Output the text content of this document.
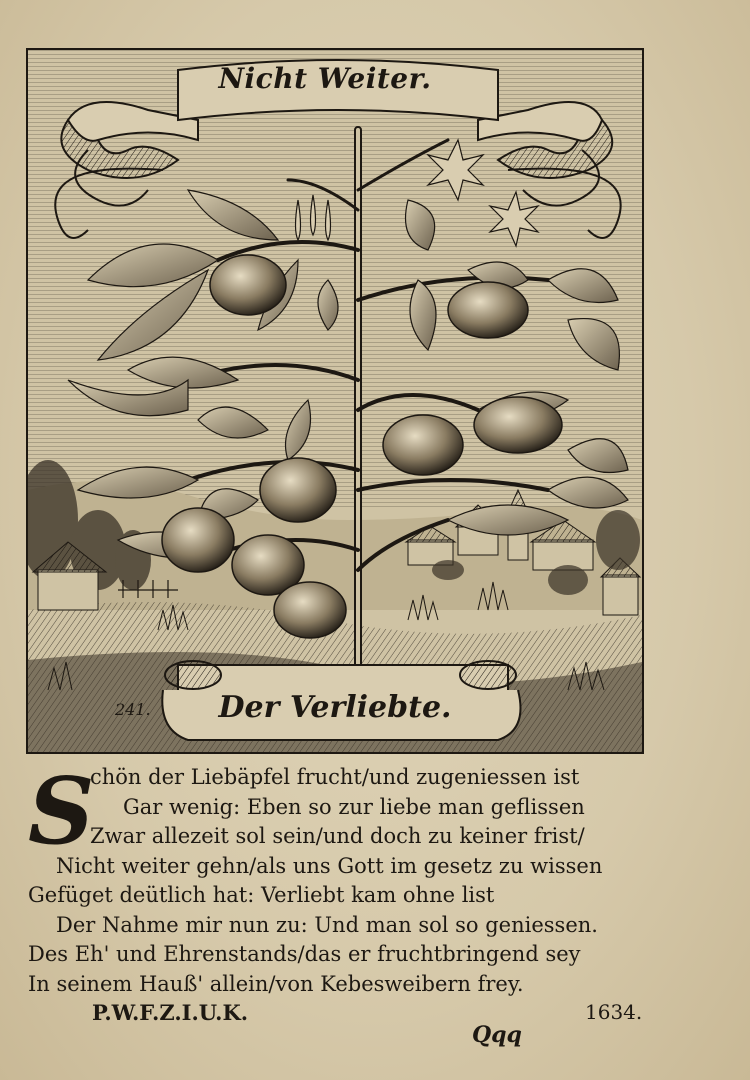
Nicht Weiter.
241. Der Verliebte.
S
chön der Liebäpfel frucht/und zugeniessen ist
Gar wenig: Eben so zur liebe man geflissen
Zwar allezeit sol sein/und doch zu keiner frist/
Nicht weiter gehn/als uns Gott im gesetz zu wissen
Gefüget deütlich hat: Verliebt kam ohne list
Der Nahme mir nun zu: Und man sol so geniessen.
Des Eh' und Ehrenstands/das er fruchtbringend sey
In seinem Hauß' allein/von Kebesweibern frey.
P.W.F.Z.I.U.K.	1634.
Qqq
